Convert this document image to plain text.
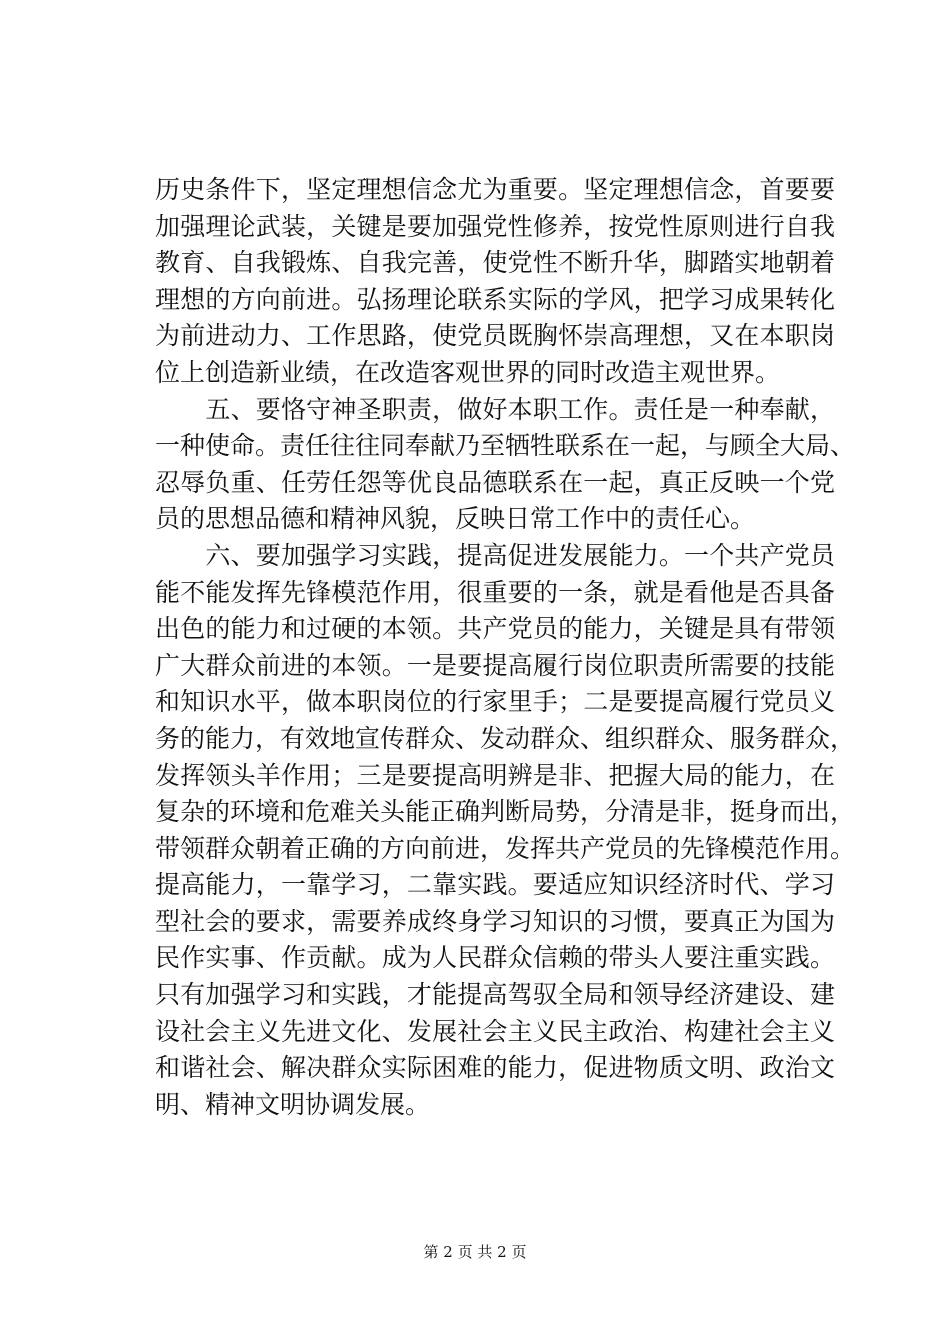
历史条件下，坚定理想信念尤为重要。坚定理想信念，首要要
加强理论武装，关键是要加强党性修养，按党性原则进行自我
教育、自我锻炼、自我完善，使党性不断升华，脚踏实地朝着
理想的方向前进。弘扬理论联系实际的学风，把学习成果转化
为前进动力、工作思路，使党员既胸怀崇高理想，又在本职岗
位上创造新业绩，在改造客观世界的同时改造主观世界。
　　五、要恪守神圣职责，做好本职工作。责任是一种奉献，
一种使命。责任往往同奉献乃至牺牲联系在一起，与顾全大局、
忍辱负重、任劳任怨等优良品德联系在一起，真正反映一个党
员的思想品德和精神风貌，反映日常工作中的责任心。
　　六、要加强学习实践，提高促进发展能力。一个共产党员
能不能发挥先锋模范作用，很重要的一条，就是看他是否具备
出色的能力和过硬的本领。共产党员的能力，关键是具有带领
广大群众前进的本领。一是要提高履行岗位职责所需要的技能
和知识水平，做本职岗位的行家里手；二是要提高履行党员义
务的能力，有效地宣传群众、发动群众、组织群众、服务群众，
发挥领头羊作用；三是要提高明辨是非、把握大局的能力，在
复杂的环境和危难关头能正确判断局势，分清是非，挺身而出，
带领群众朝着正确的方向前进，发挥共产党员的先锋模范作用。
提高能力，一靠学习，二靠实践。要适应知识经济时代、学习
型社会的要求，需要养成终身学习知识的习惯，要真正为国为
民作实事、作贡献。成为人民群众信赖的带头人要注重实践。
只有加强学习和实践，才能提高驾驭全局和领导经济建设、建
设社会主义先进文化、发展社会主义民主政治、构建社会主义
和谐社会、解决群众实际困难的能力，促进物质文明、政治文
明、精神文明协调发展。
第 2 页 共 2 页
